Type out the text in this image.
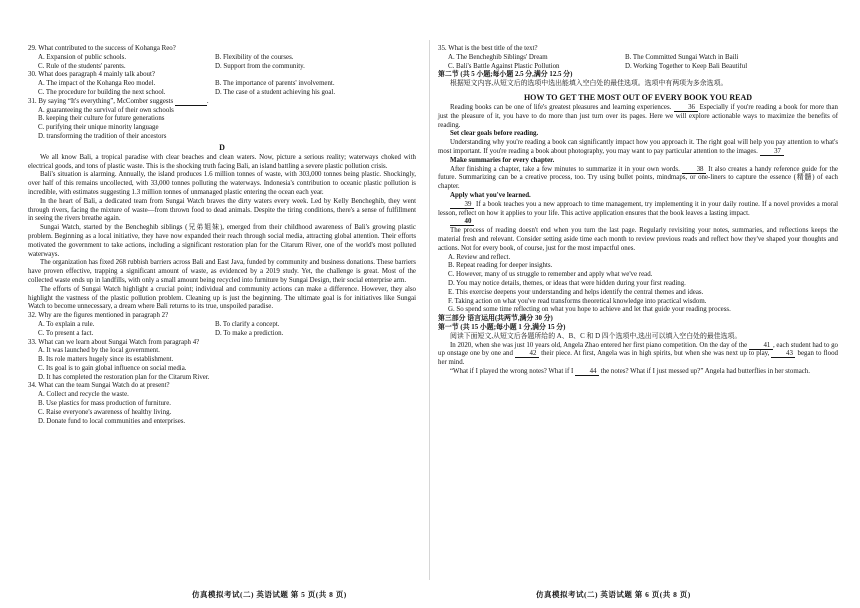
29. What contributed to the success of Kohanga Reo?

A. Expansion of public schools.	B. Flexibility of the courses.
C. Rule of the students' parents.	D. Support from the community.

30. What does paragraph 4 mainly talk about?

A. The impact of the Kohanga Reo model.	B. The importance of parents' involvement.
C. The procedure for building the next school.	D. The case of a student achieving his goal.

31. By saying “It's everything”, McComber suggests	.

A. guaranteeing the survival of their own schools
B. keeping their culture for future generations
C. purifying their unique minority language
D. transforming the tradition of their ancestors
D

We all know Bali, a tropical paradise with clear beaches and clean waters. Now, picture a serious reality; waterways choked with electrical goods, and tons of plastic waste. This is the shocking truth facing Bali, an island battling a severe plastic pollution crisis.

Bali's situation is alarming. Annually, the island produces 1.6 million tonnes of waste, with 303,000 tonnes being plastic. Shockingly, over half of this remains uncollected, with 33,000 tonnes polluting the waterways. Indonesia's contribution to oceanic plastic pollution is incredible, with estimates suggesting 1.3 million tonnes of unmanaged plastic entering the ocean each year.

In the heart of Bali, a dedicated team from Sungai Watch braves the dirty waters every week. Led by Kelly Bencheghib, they went through rivers, facing the mixture of waste—from thrown food to dead animals. Despite the tiring conditions, there's a sense of fulfillment in seeing the rivers breathe again.

Sungai Watch, started by the Bencheghib siblings (兄弟姐妹), emerged from their childhood awareness of Bali's growing plastic problem. Beginning as a local initiative, they have now expanded their reach through social media, attracting global attention. Their efforts motivated the government to take actions, including a significant restoration plan for the Citarum River, one of the world's most polluted waterways.

The organization has fixed 268 rubbish barriers across Bali and East Java, funded by community and business donations. These barriers have proven effective, trapping a significant amount of waste, as evidenced by a 2019 study. Yet, the challenge is great. Most of the collected waste ends up in landfills, with only a small amount being recycled into furniture by Sungai Design, their social enterprise arm.

The efforts of Sungai Watch highlight a crucial point; individual and community actions can make a difference. However, they also highlight the vastness of the plastic pollution problem. Cleaning up is just the beginning. The ultimate goal is for initiatives like Sungai Watch to become unnecessary, a dream where Bali returns to its true, unspoiled paradise.

32. Why are the figures mentioned in paragraph 2?

A. To explain a rule.	B. To clarify a concept.
C. To present a fact.	D. To make a prediction.

33. What can we learn about Sungai Watch from paragraph 4?

A. It was launched by the local government.
B. Its role matters hugely since its establishment.
C. Its goal is to gain global influence on social media.
D. It has completed the restoration plan for the Citarum River.

34. What can the team Sungai Watch do at present?

A. Collect and recycle the waste.
B. Use plastics for mass production of furniture.
C. Raise everyone's awareness of healthy living.
D. Donate fund to local communities and enterprises.
仿真模拟考试(二) 英语试题 第 5 页(共 8 页)

35. What is the best title of the text?

A. The Bencheghib Siblings' Dream	B. The Committed Sungai Watch in Baili
C. Bali's Battle Against Plastic Pollution	D. Working Together to Keep Bali Beautiful

第二节 (共 5 小题;每小题 2.5 分,满分 12.5 分)

根据短文内容,从短文后的选项中选出能填入空白处的最佳选项。选项中有两项为多余选项。

HOW TO GET THE MOST OUT OF EVERY BOOK YOU READ

Reading books can be one of life's greatest pleasures and learning experiences. 36 Especially if you're reading a book for more than just the pleasure of it, you have to do more than just turn over its pages. Here we will explore actionable ways to maximize the benefits of reading.

Set clear goals before reading.

Understanding why you're reading a book can significantly impact how you approach it. The right goal will help you pay attention to what's most important. If you're reading a book about photography, you may want to pay particular attention to the images. 37

Make summaries for every chapter.

After finishing a chapter, take a few minutes to summarize it in your own words. 38 It also creates a handy reference guide for the future. Summarizing can be a creative process, too. Try using bullet points, mindmaps, or one-liners to capture the essence (精髓) of each chapter.

Apply what you've learned.

39 If a book teaches you a new approach to time management, try implementing it in your daily routine. If a novel provides a moral lesson, reflect on how it applies to your life. This active application ensures that the book leaves a lasting impact.

40

The process of reading doesn't end when you turn the last page. Regularly revisiting your notes, summaries, and reflections keeps the material fresh and relevant. Consider setting aside time each month to review previous reads and reflect how they've shaped your thoughts and actions. Not for every book, of course, just for the most impactful ones.

A. Review and reflect.
B. Repeat reading for deeper insights.
C. However, many of us struggle to remember and apply what we've read.
D. You may notice details, themes, or ideas that were hidden during your first reading.
E. This exercise deepens your understanding and helps identify the central themes and ideas.
F. Taking action on what you've read transforms theoretical knowledge into practical wisdom.
G. So spend some time reflecting on what you hope to achieve and let that guide your reading process.

第三部分 语言运用(共两节,满分 30 分)

第一节 (共 15 小题;每小题 1 分,满分 15 分)

阅读下面短文,从短文后各题所给的 A、B、C 和 D 四个选项中,选出可以填入空白处的最佳选项。

In 2020, when she was just 10 years old, Angela Zhao entered her first piano competition. On the day of the 41 , each student had to go up onstage one by one and 42 their piece. At first, Angela was in high spirits, but when she was next up to play, 43 began to flood her mind.

“What if I played the wrong notes? What if I 44 the notes? What if I just messed up?” Angela had butterflies in her stomach.

仿真模拟考试(二) 英语试题 第 6 页(共 8 页)
